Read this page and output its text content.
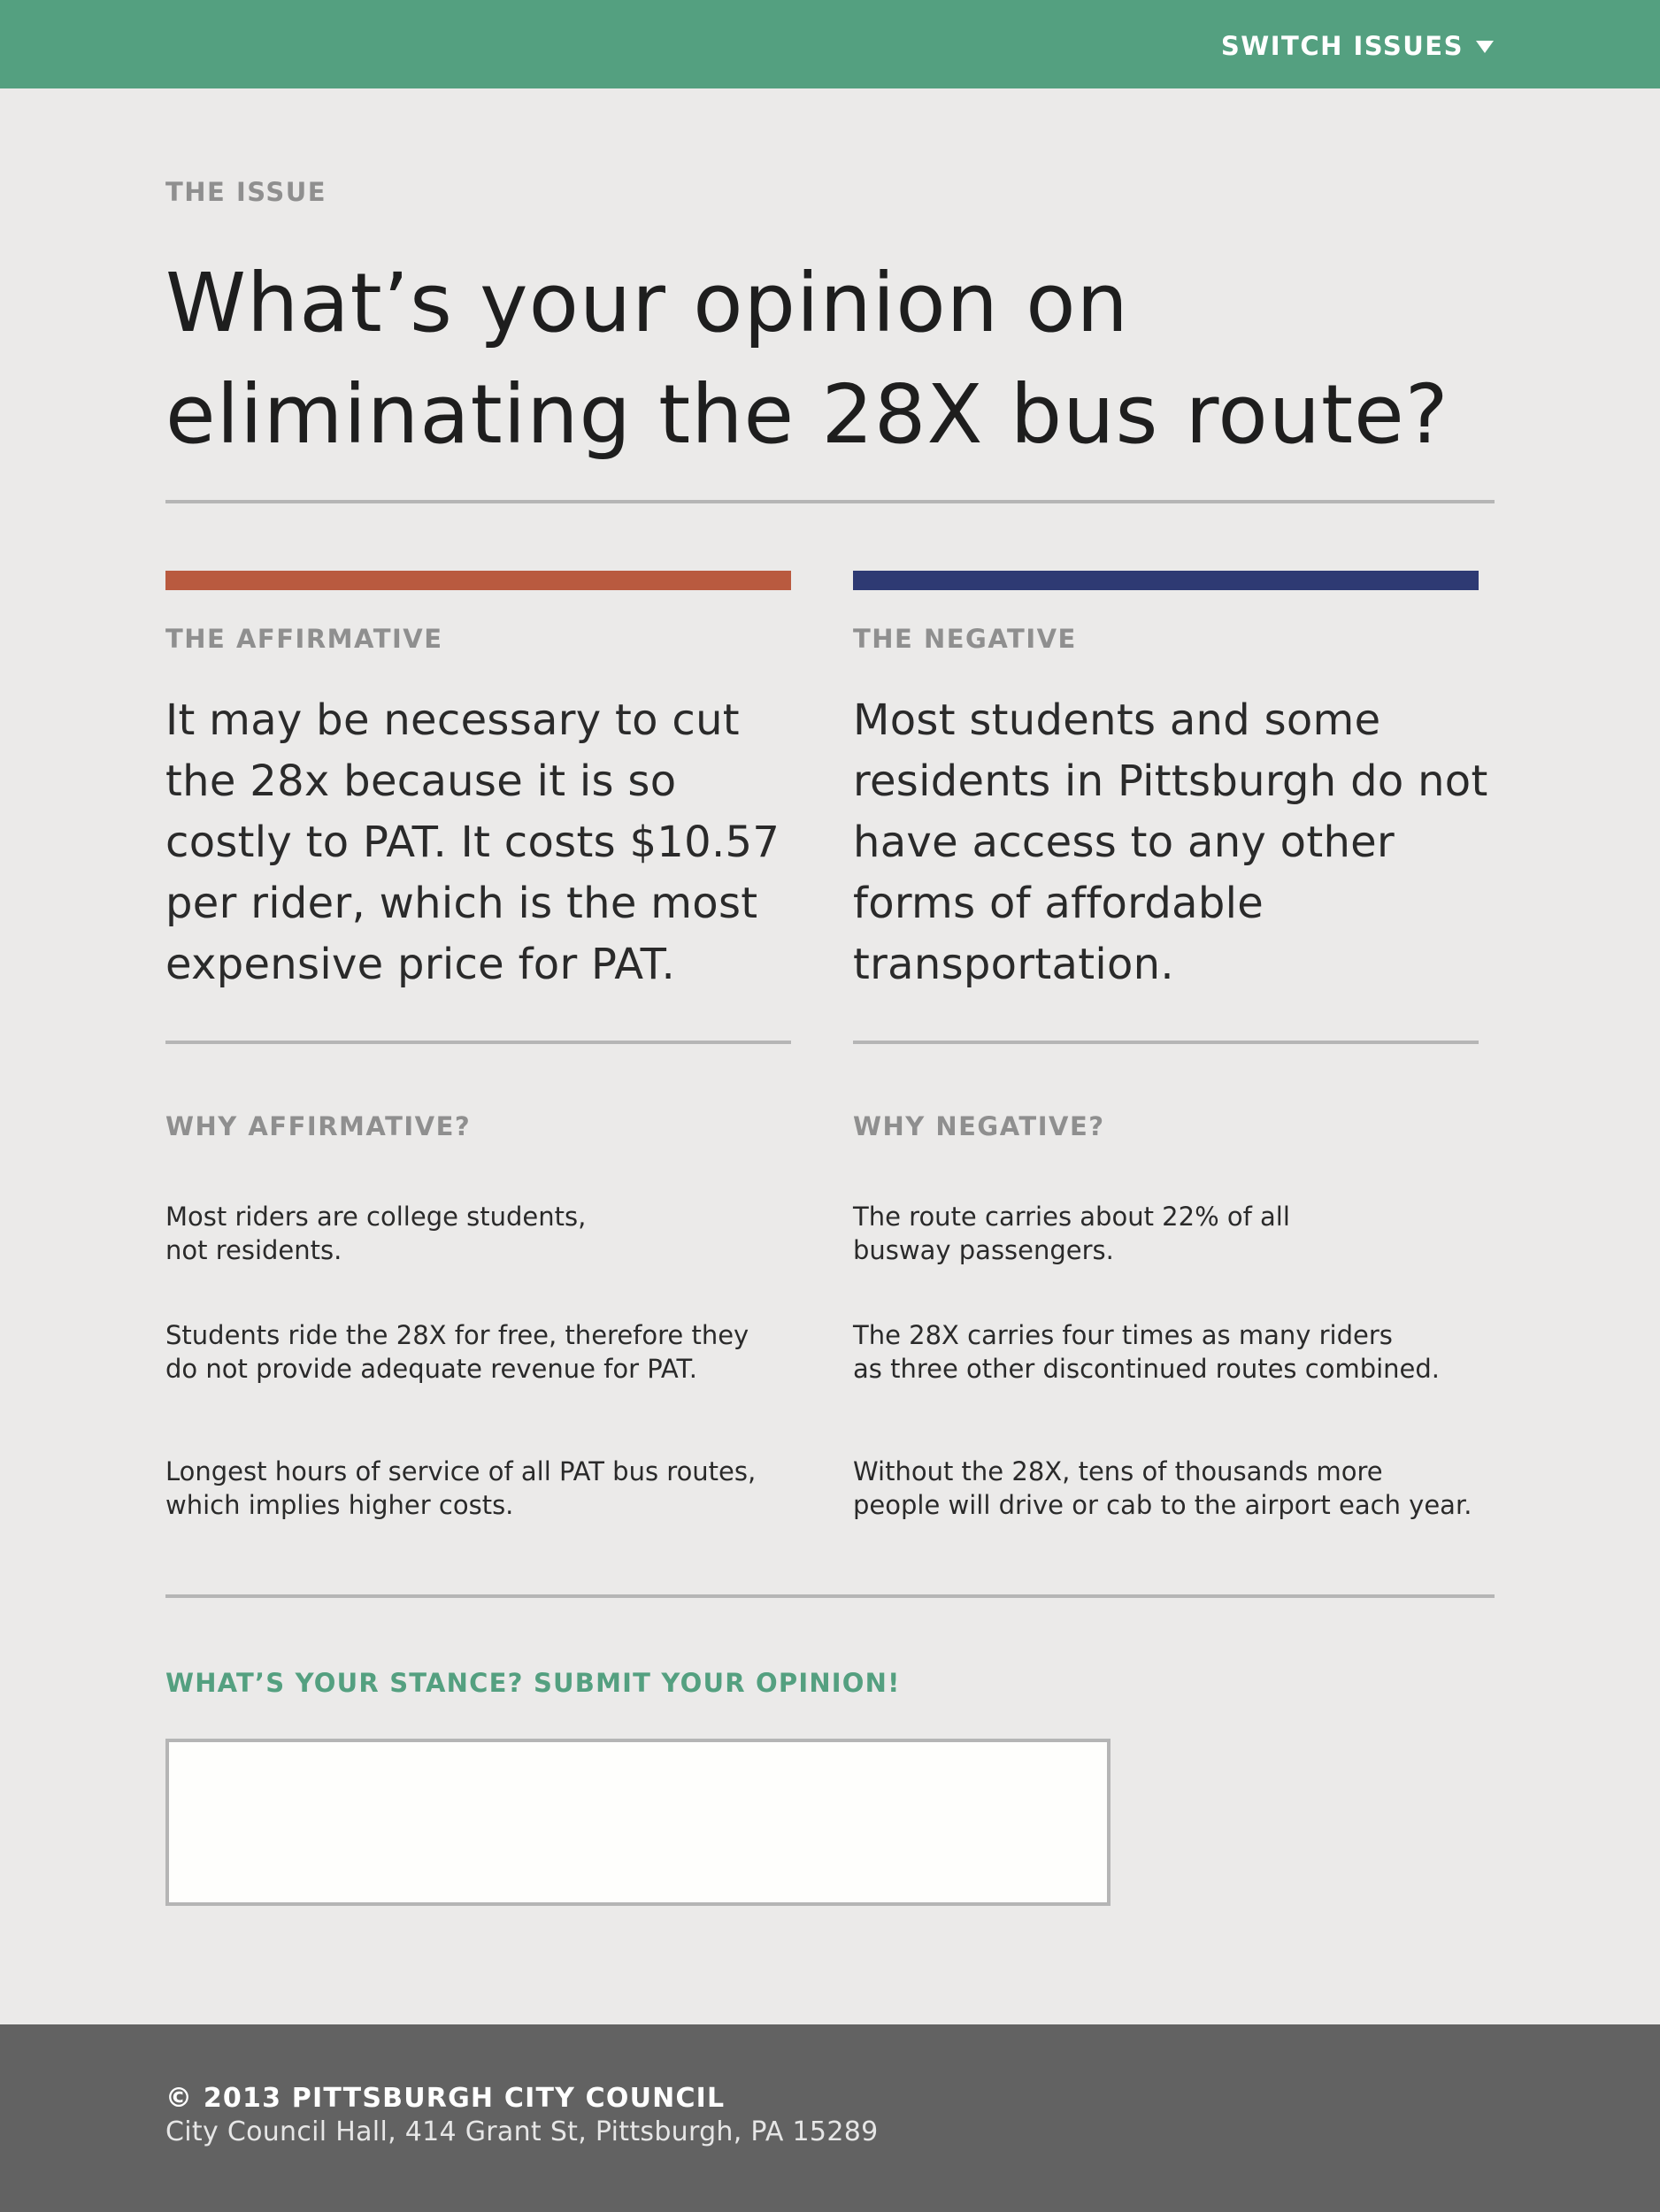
SWITCH ISSUES
THE ISSUE
What’s your opinion on eliminating the 28X bus route?
THE AFFIRMATIVE

It may be necessary to cut the 28x because it is so costly to PAT. It costs $10.57 per rider, which is the most expensive price for PAT.

WHY AFFIRMATIVE?

Most riders are college students,
not residents.

Students ride the 28X for free, therefore they
do not provide adequate revenue for PAT.

Longest hours of service of all PAT bus routes,
which implies higher costs.

THE NEGATIVE

Most students and some residents in Pittsburgh do not have access to any other forms of affordable transportation.

WHY NEGATIVE?

The route carries about 22% of all
busway passengers.

The 28X carries four times as many riders
as three other discontinued routes combined.

Without the 28X, tens of thousands more
people will drive or cab to the airport each year.

WHAT’S YOUR STANCE? SUBMIT YOUR OPINION!
© 2013 PITTSBURGH CITY COUNCIL
City Council Hall, 414 Grant St, Pittsburgh, PA 15289
